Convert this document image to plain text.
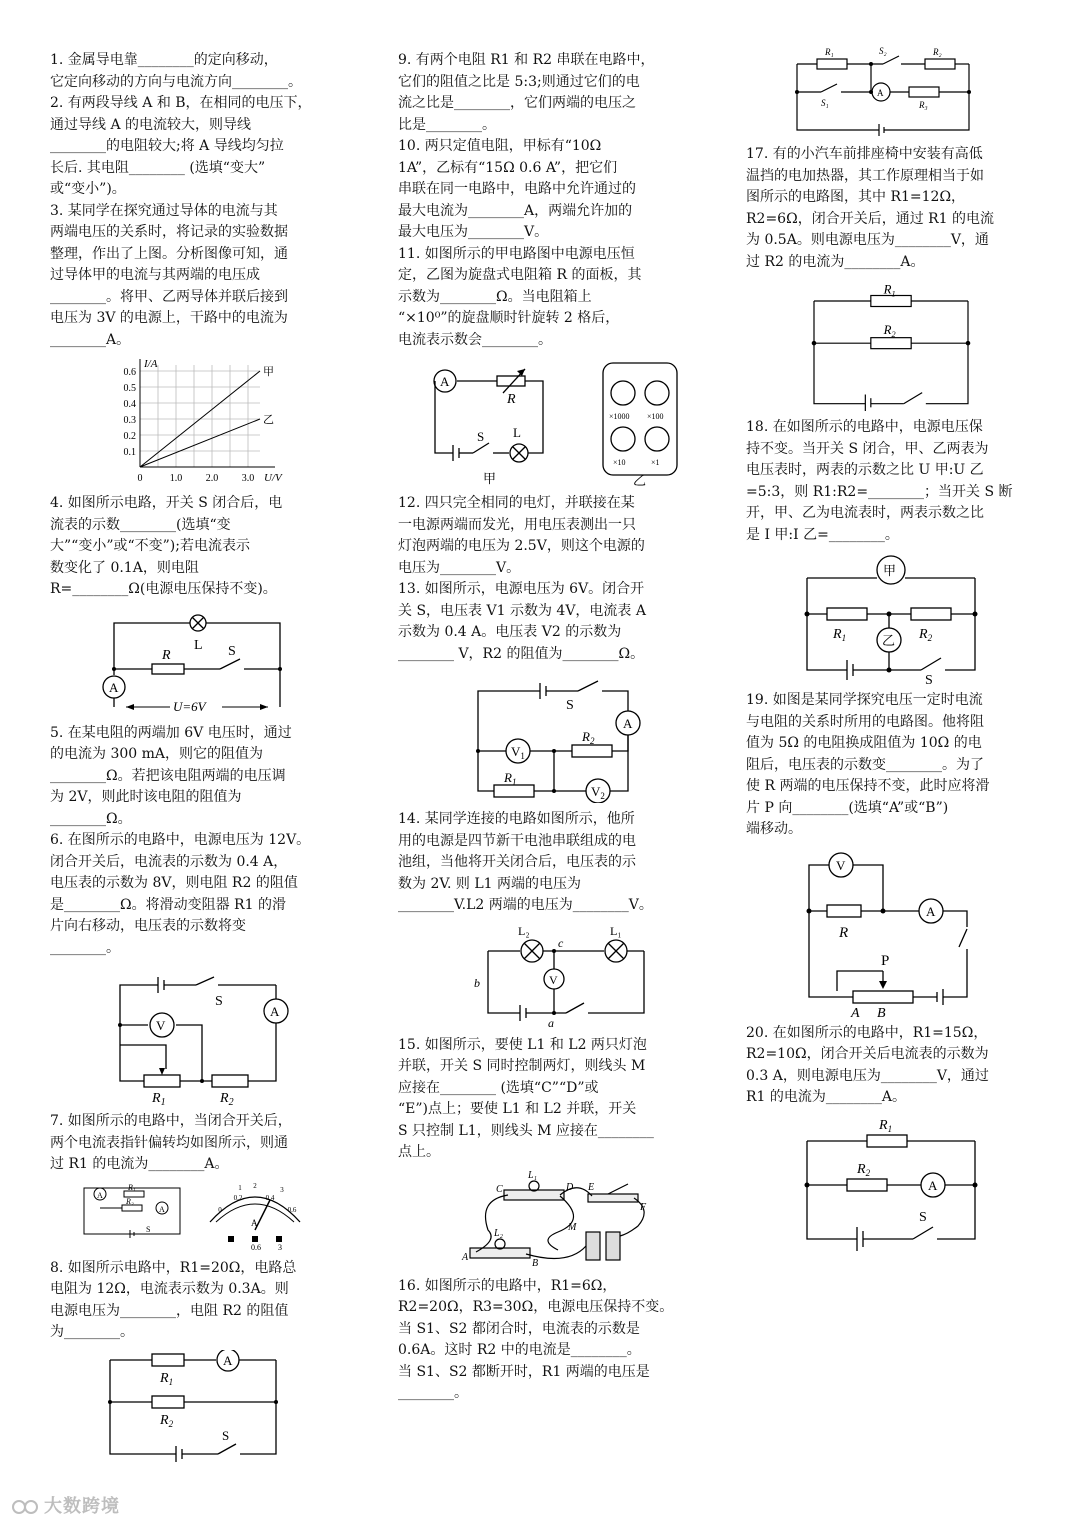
1. 金属导电靠________的定向移动，
它定向移动的方向与电流方向________。

2. 有两段导线 A 和 B，在相同的电压下，
通过导线 A 的电流较大，则导线
________的电阻较大;将 A 导线均匀拉
长后. 其电阻________ (选填“变大”
或“变小”)。

3. 某同学在探究通过导体的电流与其
两端电压的关系时，将记录的实验数据
整理，作出了上图。分析图像可知，通
过导体甲的电流与其两端的电压成
________。将甲、乙两导体并联后接到
电压为 3V 的电源上，干路中的电流为
________A。

I/A
U/V
甲
乙
0.6
0.5
0.4
0.3
0.2
0.1
0	1.0 2.0 3.0

4. 如图所示电路，开关 S 闭合后，电
流表的示数________(选填“变
大”“变小”或“不变”);若电流表示
数变化了 0.1A，则电阻
R=________Ω(电源电压保持不变)。

L
R	S
A
U=6V

5. 在某电阻的两端加 6V 电压时，通过
的电流为 300 mA，则它的阻值为
________Ω。若把该电阻两端的电压调
为 2V，则此时该电阻的阻值为
________Ω。

6. 在图所示的电路中，电源电压为 12V。
闭合开关后，电流表的示数为 0.4 A，
电压表的示数为 8V，则电阻 R2 的阻值
是________Ω。将滑动变阻器 R1 的滑
片向右移动，电压表的示数将变
________。

S
V
A
$R_1$	$R_2$

7. 如图所示的电路中，当闭合开关后，
两个电流表指针偏转均如图所示，则通
过 R1 的电流为________A。

A
A
R₁
R₂
S
0
0.2	0.4
0.6
1 2	3
A
0.6 3

8. 如图所示电路中，R1=20Ω，电路总
电阻为 12Ω，电流表示数为 0.3A。则
电源电压为________，电阻 R2 的阻值
为________。

$R_1$
$R_2$
A
S

9. 有两个电阻 R1 和 R2 串联在电路中，
它们的阻值之比是 5:3;则通过它们的电
流之比是________，它们两端的电压之
比是________。

10. 两只定值电阻，甲标有“10Ω
1A”，乙标有“15Ω 0.6 A”，把它们
串联在同一电路中，电路中允许通过的
最大电流为________A，两端允许加的
最大电压为________V。

11. 如图所示的甲电路图中电源电压恒
定，乙图为旋盘式电阻箱 R 的面板，其
示数为________Ω。当电阻箱上
“×10⁰”的旋盘顺时针旋转 2 格后，
电流表示数会________。

A
R
S L
甲	乙
×1000 ×100
×10	×1

12. 四只完全相同的电灯，并联接在某
一电源两端而发光，用电压表测出一只
灯泡两端的电压为 2.5V，则这个电源的
电压为________V。

13. 如图所示，电源电压为 6V。闭合开
关 S，电压表 V1 示数为 4V，电流表 A
示数为 0.4 A。电压表 V2 的示数为
________ V，R2 的阻值为________Ω。

S
A
$V_1$
$V_2$
$R_2$
$R_1$

14. 某同学连接的电路如图所示，他所
用的电源是四节新干电池串联组成的电
池组，当他将开关闭合后，电压表的示
数为 2V. 则 L1 两端的电压为
________V.L2 两端的电压为________V。

L₂	L₁
c
b
a
V

15. 如图所示，要使 L1 和 L2 两只灯泡
并联，开关 S 同时控制两灯，则线头 M
应接在________ (选填“C”“D”或
“E”)点上；要使 L1 和 L2 并联，开关
S 只控制 L1，则线头 M 应接在________
点上。

L₁
L₂
C	D E
F
M
A
B

16. 如图所示的电路中，R1=6Ω，
R2=20Ω，R3=30Ω，电源电压保持不变。
当 S1、S2 都闭合时，电流表的示数是
0.6A。这时 R2 中的电流是________。
当 S1、S2 都断开时，R1 两端的电压是
________。

R₁	S₂	R₂
A
S₁	R₃

17. 有的小汽车前排座椅中安装有高低
温挡的电加热器，其工作原理相当于如
图所示的电路图，其中 R1=12Ω，
R2=6Ω，闭合开关后，通过 R1 的电流
为 0.5A。则电源电压为________V，通
过 R2 的电流为________A。

$R_1$
$R_2$

18. 在如图所示的电路中，电源电压保
持不变。当开关 S 闭合，甲、乙两表为
电压表时，两表的示数之比 U 甲:U 乙
=5:3，则 R1:R2=________；当开关 S 断
开，甲、乙为电流表时，两表示数之比
是 I 甲:I 乙=________。

甲
乙
$R_1$	$R_2$
S

19. 如图是某同学探究电压一定时电流
与电阻的关系时所用的电路图。他将阻
值为 5Ω 的电阻换成阻值为 10Ω 的电
阻后，电压表的示数变________。为了
使 R 两端的电压保持不变，此时应将滑
片 P 向________(选填“A”或“B”)
端移动。

V
A
R
P
A B

20. 在如图所示的电路中，R1=15Ω，
R2=10Ω，闭合开关后电流表的示数为
0.3 A，则电源电压为________V，通过
R1 的电流为________A。

$R_1$
$R_2$
A
S
大数跨境
